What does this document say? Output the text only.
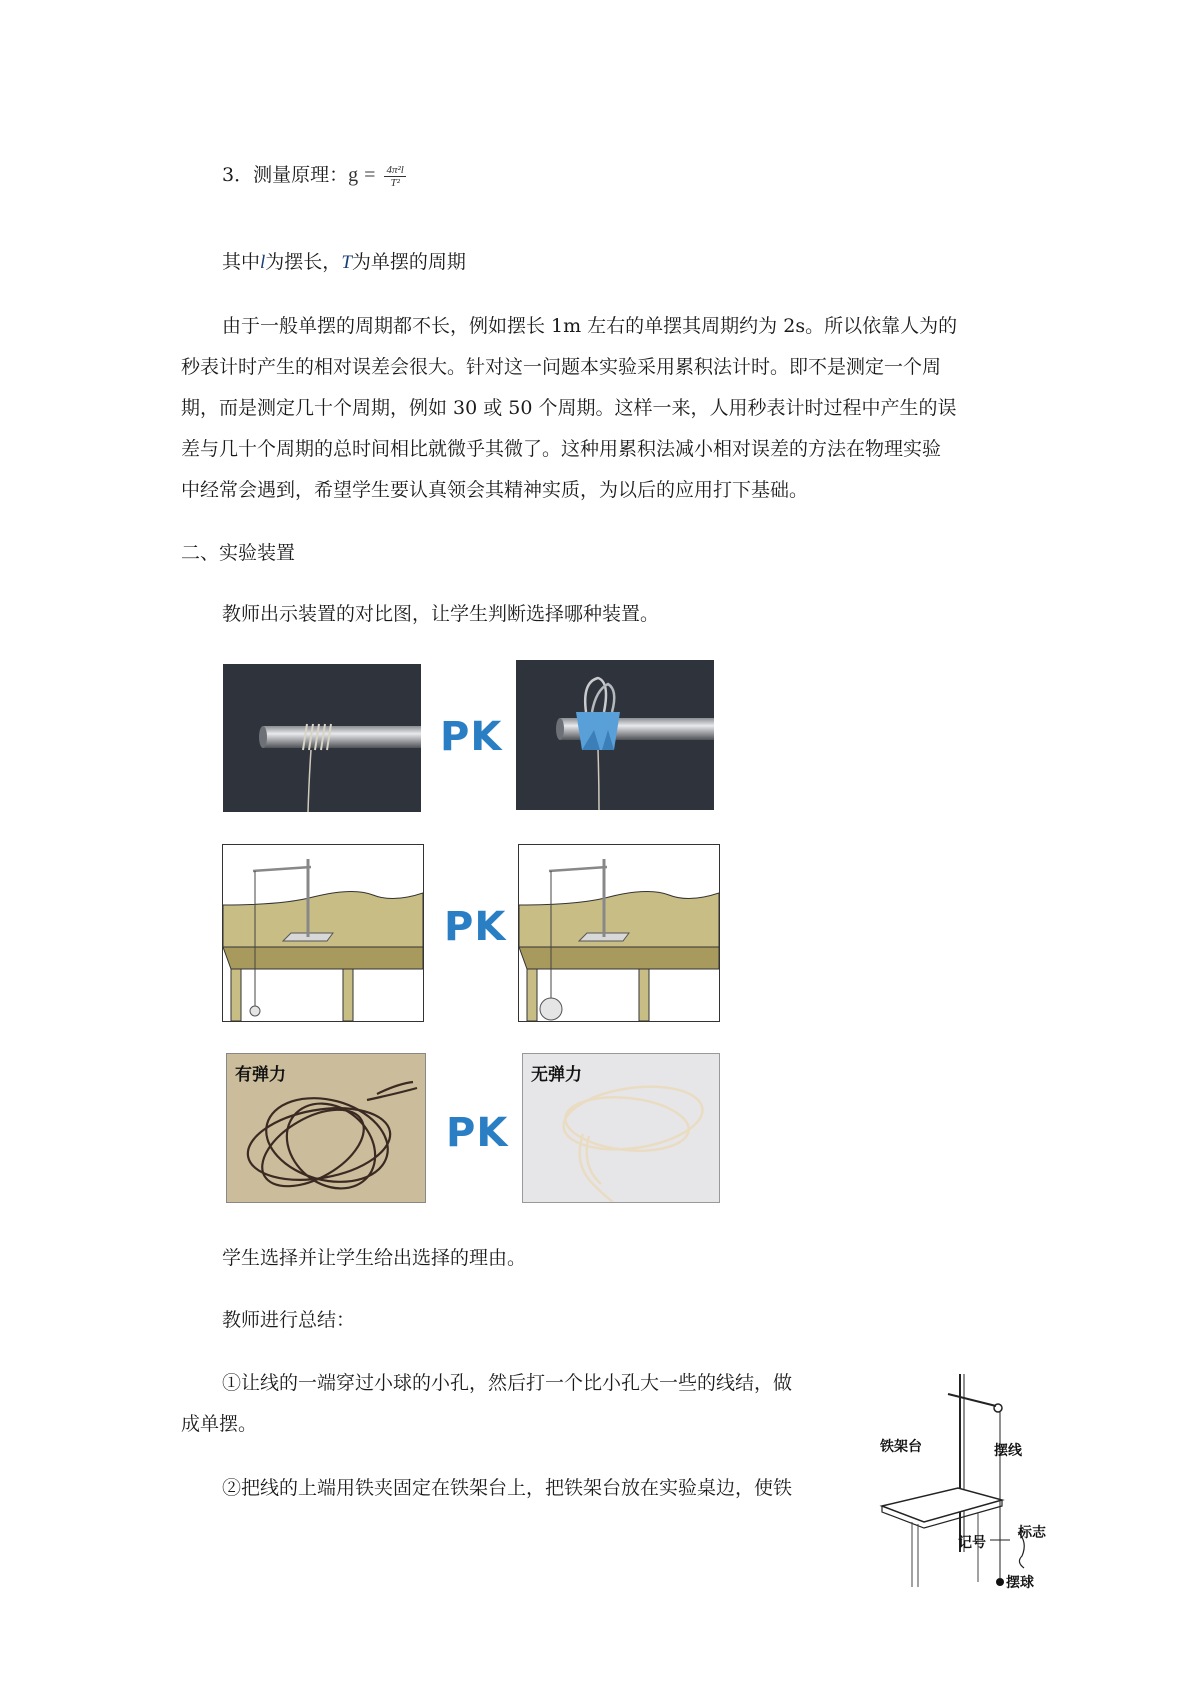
3．测量原理：$g = \frac{\text{4π²l}}{\text{T²}}$
其中l为摆长，T为单摆的周期
由于一般单摆的周期都不长，例如摆长 1m 左右的单摆其周期约为 2s。所以依靠人为的
秒表计时产生的相对误差会很大。针对这一问题本实验采用累积法计时。即不是测定一个周
期，而是测定几十个周期，例如 30 或 50 个周期。这样一来，人用秒表计时过程中产生的误
差与几十个周期的总时间相比就微乎其微了。这种用累积法减小相对误差的方法在物理实验
中经常会遇到，希望学生要认真领会其精神实质，为以后的应用打下基础。
二、实验装置
教师出示装置的对比图，让学生判断选择哪种装置。
PK
PK
有弹力
PK
无弹力
学生选择并让学生给出选择的理由。
教师进行总结：
①让线的一端穿过小球的小孔，然后打一个比小孔大一些的线结，做
成单摆。
②把线的上端用铁夹固定在铁架台上，把铁架台放在实验桌边，使铁
铁架台	摆线
标志
记号
摆球
